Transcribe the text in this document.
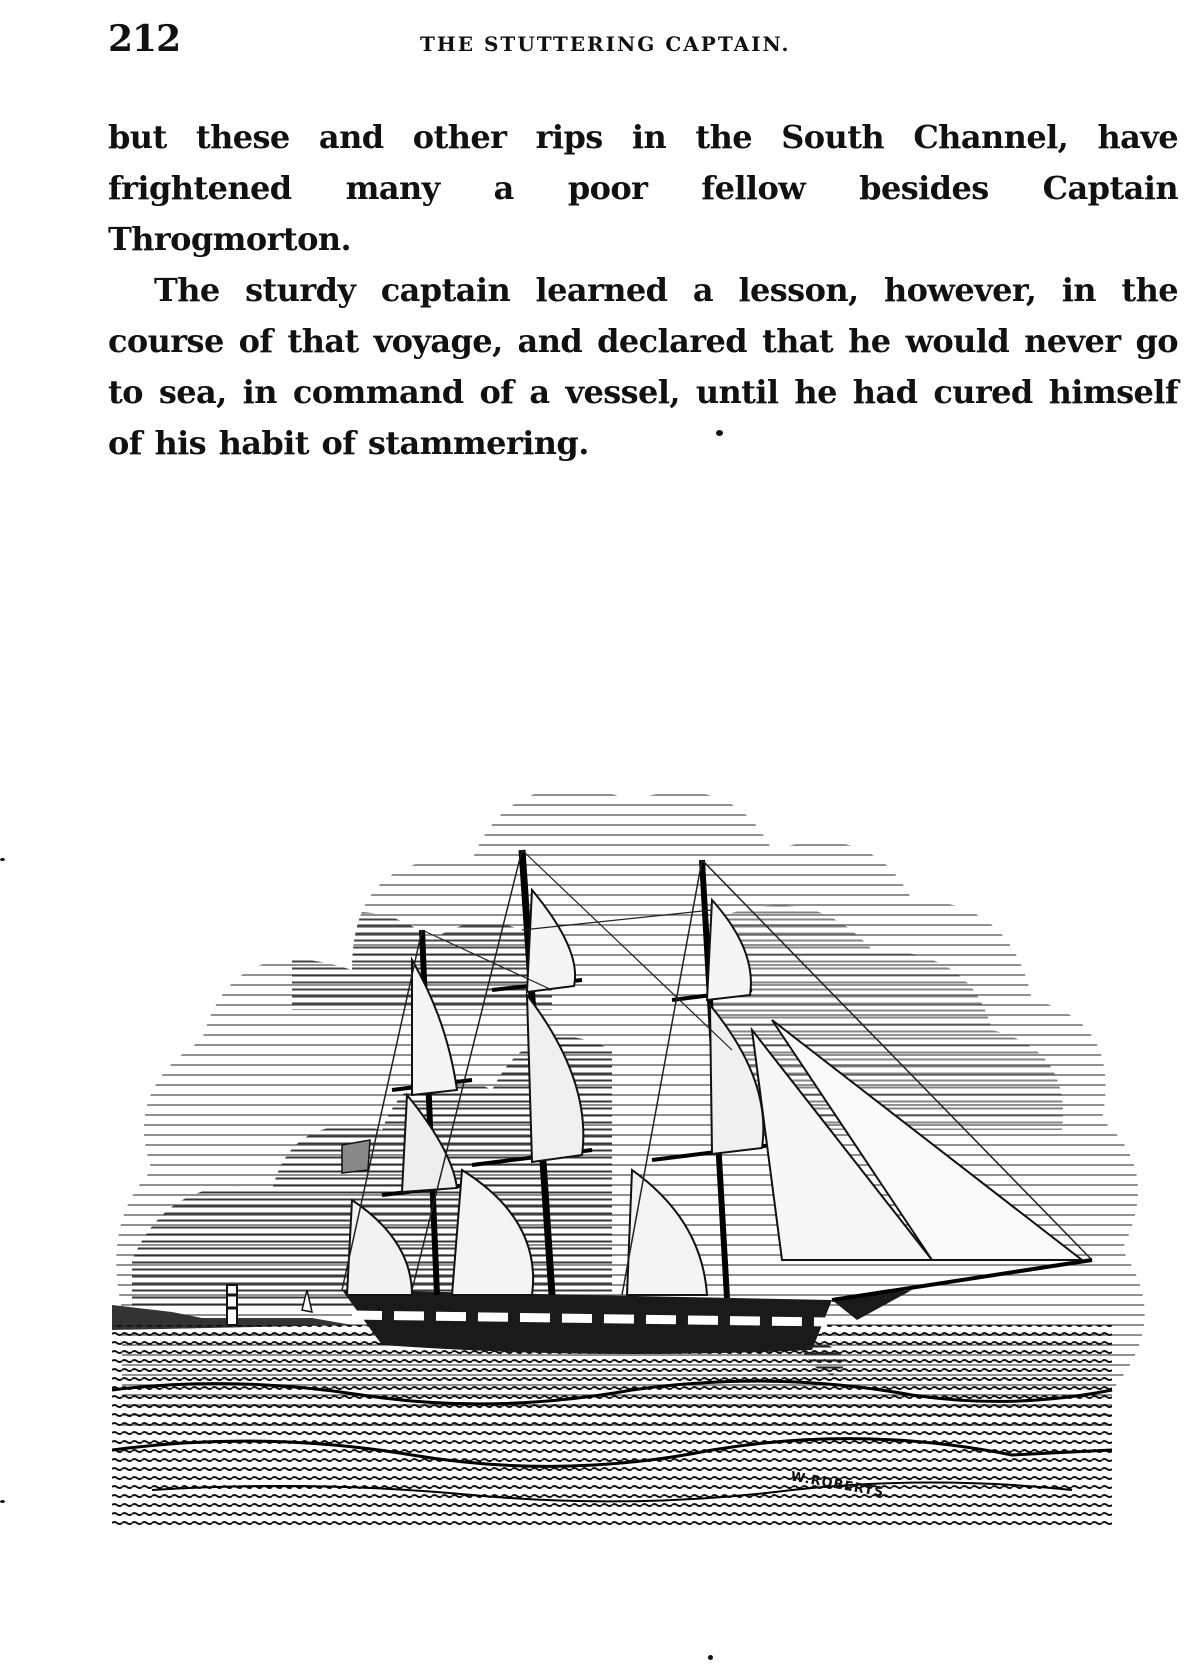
212	THE STUTTERING CAPTAIN.

but these and other rips in the South Channel, have frightened many a poor fellow besides Captain Throgmorton.

The sturdy captain learned a lesson, however, in the course of that voyage, and declared that he would never go to sea, in command of a vessel, until he had cured himself of his habit of stammering.

W.ROBERTS.
